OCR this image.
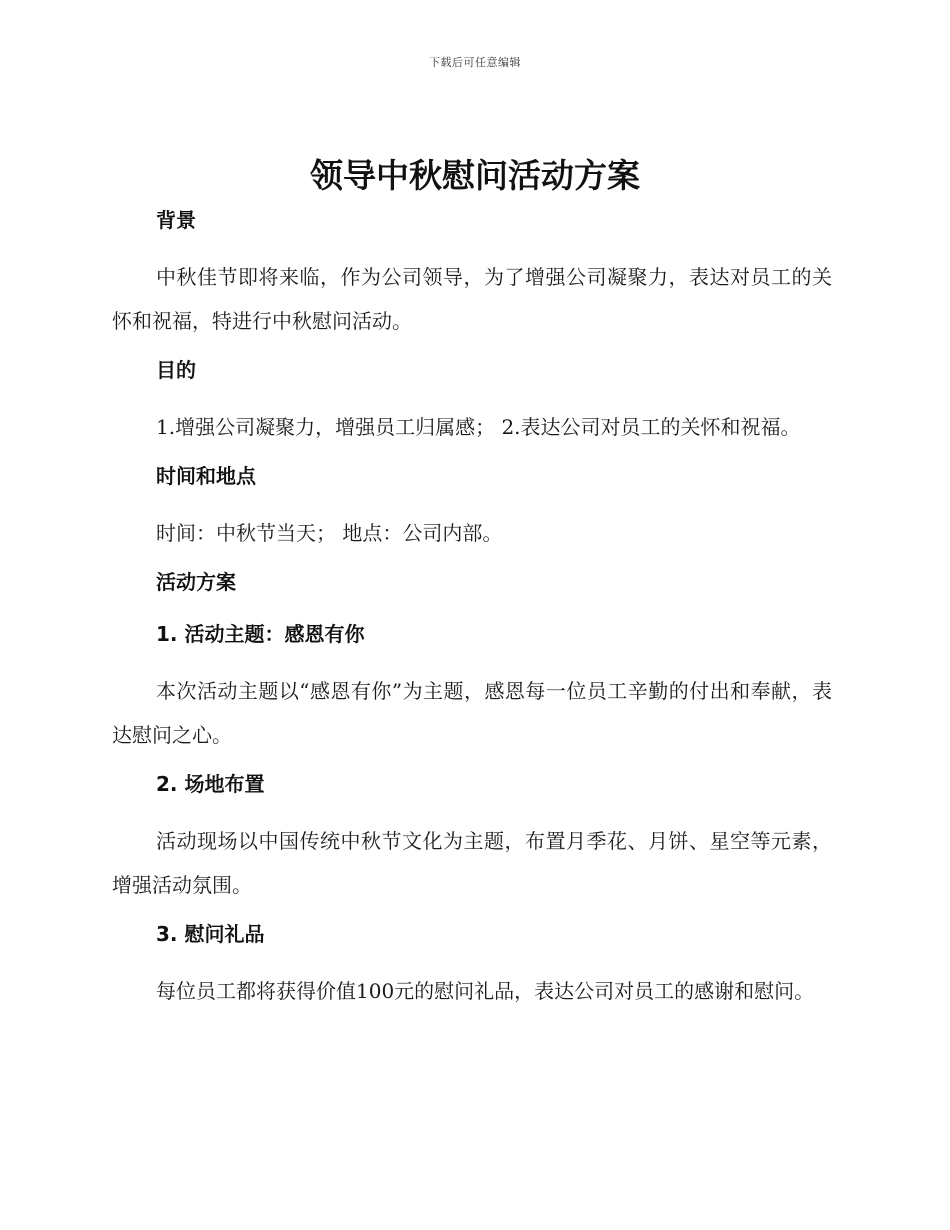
下载后可任意编辑
领导中秋慰问活动方案

背景

中秋佳节即将来临，作为公司领导，为了增强公司凝聚力，表达对员工的关怀和祝福，特进行中秋慰问活动。

目的

1.增强公司凝聚力，增强员工归属感； 2.表达公司对员工的关怀和祝福。

时间和地点

时间：中秋节当天； 地点：公司内部。

活动方案

1. 活动主题：感恩有你

本次活动主题以“感恩有你”为主题，感恩每一位员工辛勤的付出和奉献，表达慰问之心。

2. 场地布置

活动现场以中国传统中秋节文化为主题，布置月季花、月饼、星空等元素，增强活动氛围。

3. 慰问礼品

每位员工都将获得价值100元的慰问礼品，表达公司对员工的感谢和慰问。
